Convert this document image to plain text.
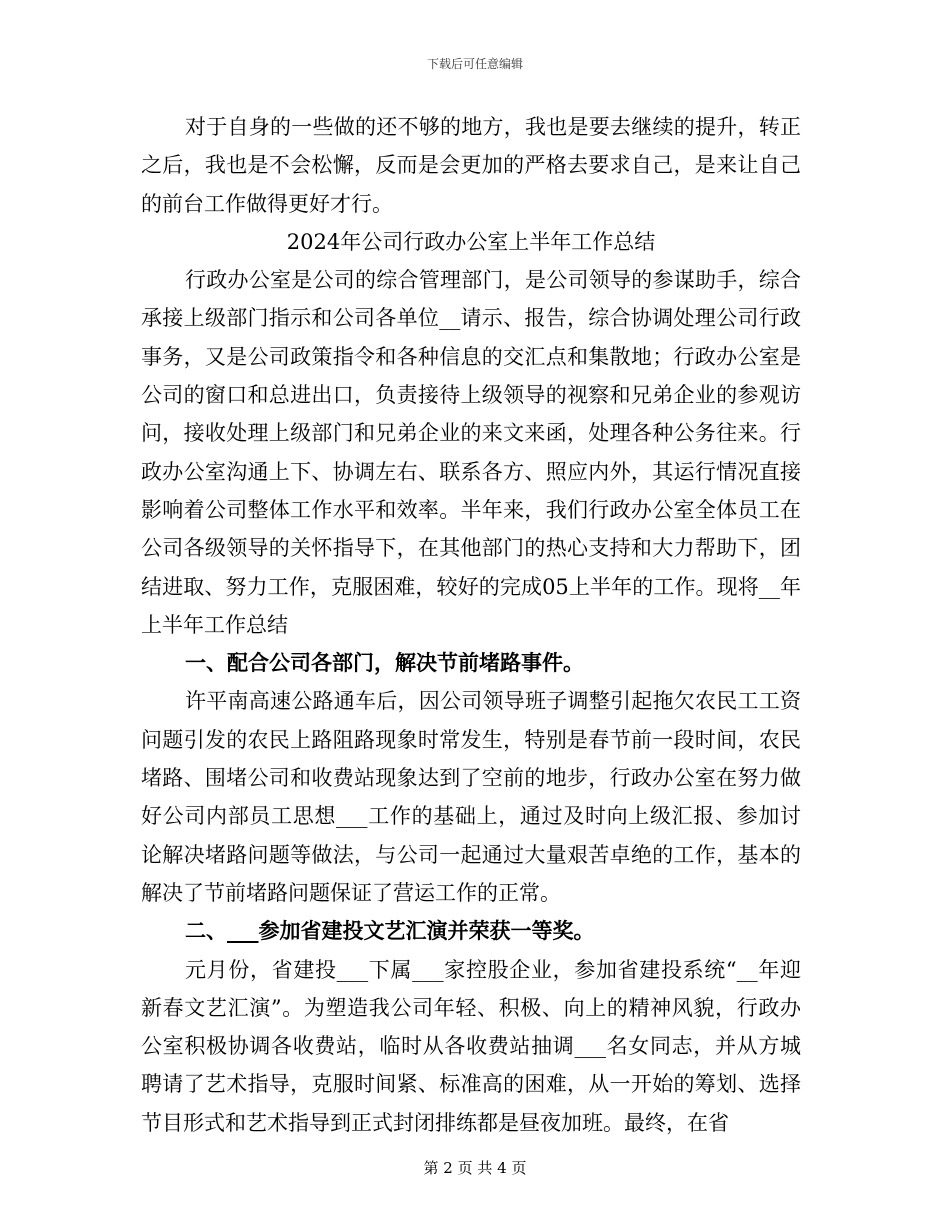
下载后可任意编辑

对于自身的一些做的还不够的地方，我也是要去继续的提升，转正之后，我也是不会松懈，反而是会更加的严格去要求自己，是来让自己的前台工作做得更好才行。

2024年公司行政办公室上半年工作总结

行政办公室是公司的综合管理部门，是公司领导的参谋助手，综合承接上级部门指示和公司各单位__请示、报告，综合协调处理公司行政事务，又是公司政策指令和各种信息的交汇点和集散地；行政办公室是公司的窗口和总进出口，负责接待上级领导的视察和兄弟企业的参观访问，接收处理上级部门和兄弟企业的来文来函，处理各种公务往来。行政办公室沟通上下、协调左右、联系各方、照应内外，其运行情况直接影响着公司整体工作水平和效率。半年来，我们行政办公室全体员工在公司各级领导的关怀指导下，在其他部门的热心支持和大力帮助下，团结进取、努力工作，克服困难，较好的完成05上半年的工作。现将__年上半年工作总结

一、配合公司各部门，解决节前堵路事件。

许平南高速公路通车后，因公司领导班子调整引起拖欠农民工工资问题引发的农民上路阻路现象时常发生，特别是春节前一段时间，农民堵路、围堵公司和收费站现象达到了空前的地步，行政办公室在努力做好公司内部员工思想___工作的基础上，通过及时向上级汇报、参加讨论解决堵路问题等做法，与公司一起通过大量艰苦卓绝的工作，基本的解决了节前堵路问题保证了营运工作的正常。

二、___参加省建投文艺汇演并荣获一等奖。

元月份，省建投___下属___家控股企业，参加省建投系统“__年迎新春文艺汇演”。为塑造我公司年轻、积极、向上的精神风貌，行政办公室积极协调各收费站，临时从各收费站抽调___名女同志，并从方城聘请了艺术指导，克服时间紧、标准高的困难，从一开始的筹划、选择节目形式和艺术指导到正式封闭排练都是昼夜加班。最终，在省

第 2 页 共 4 页
